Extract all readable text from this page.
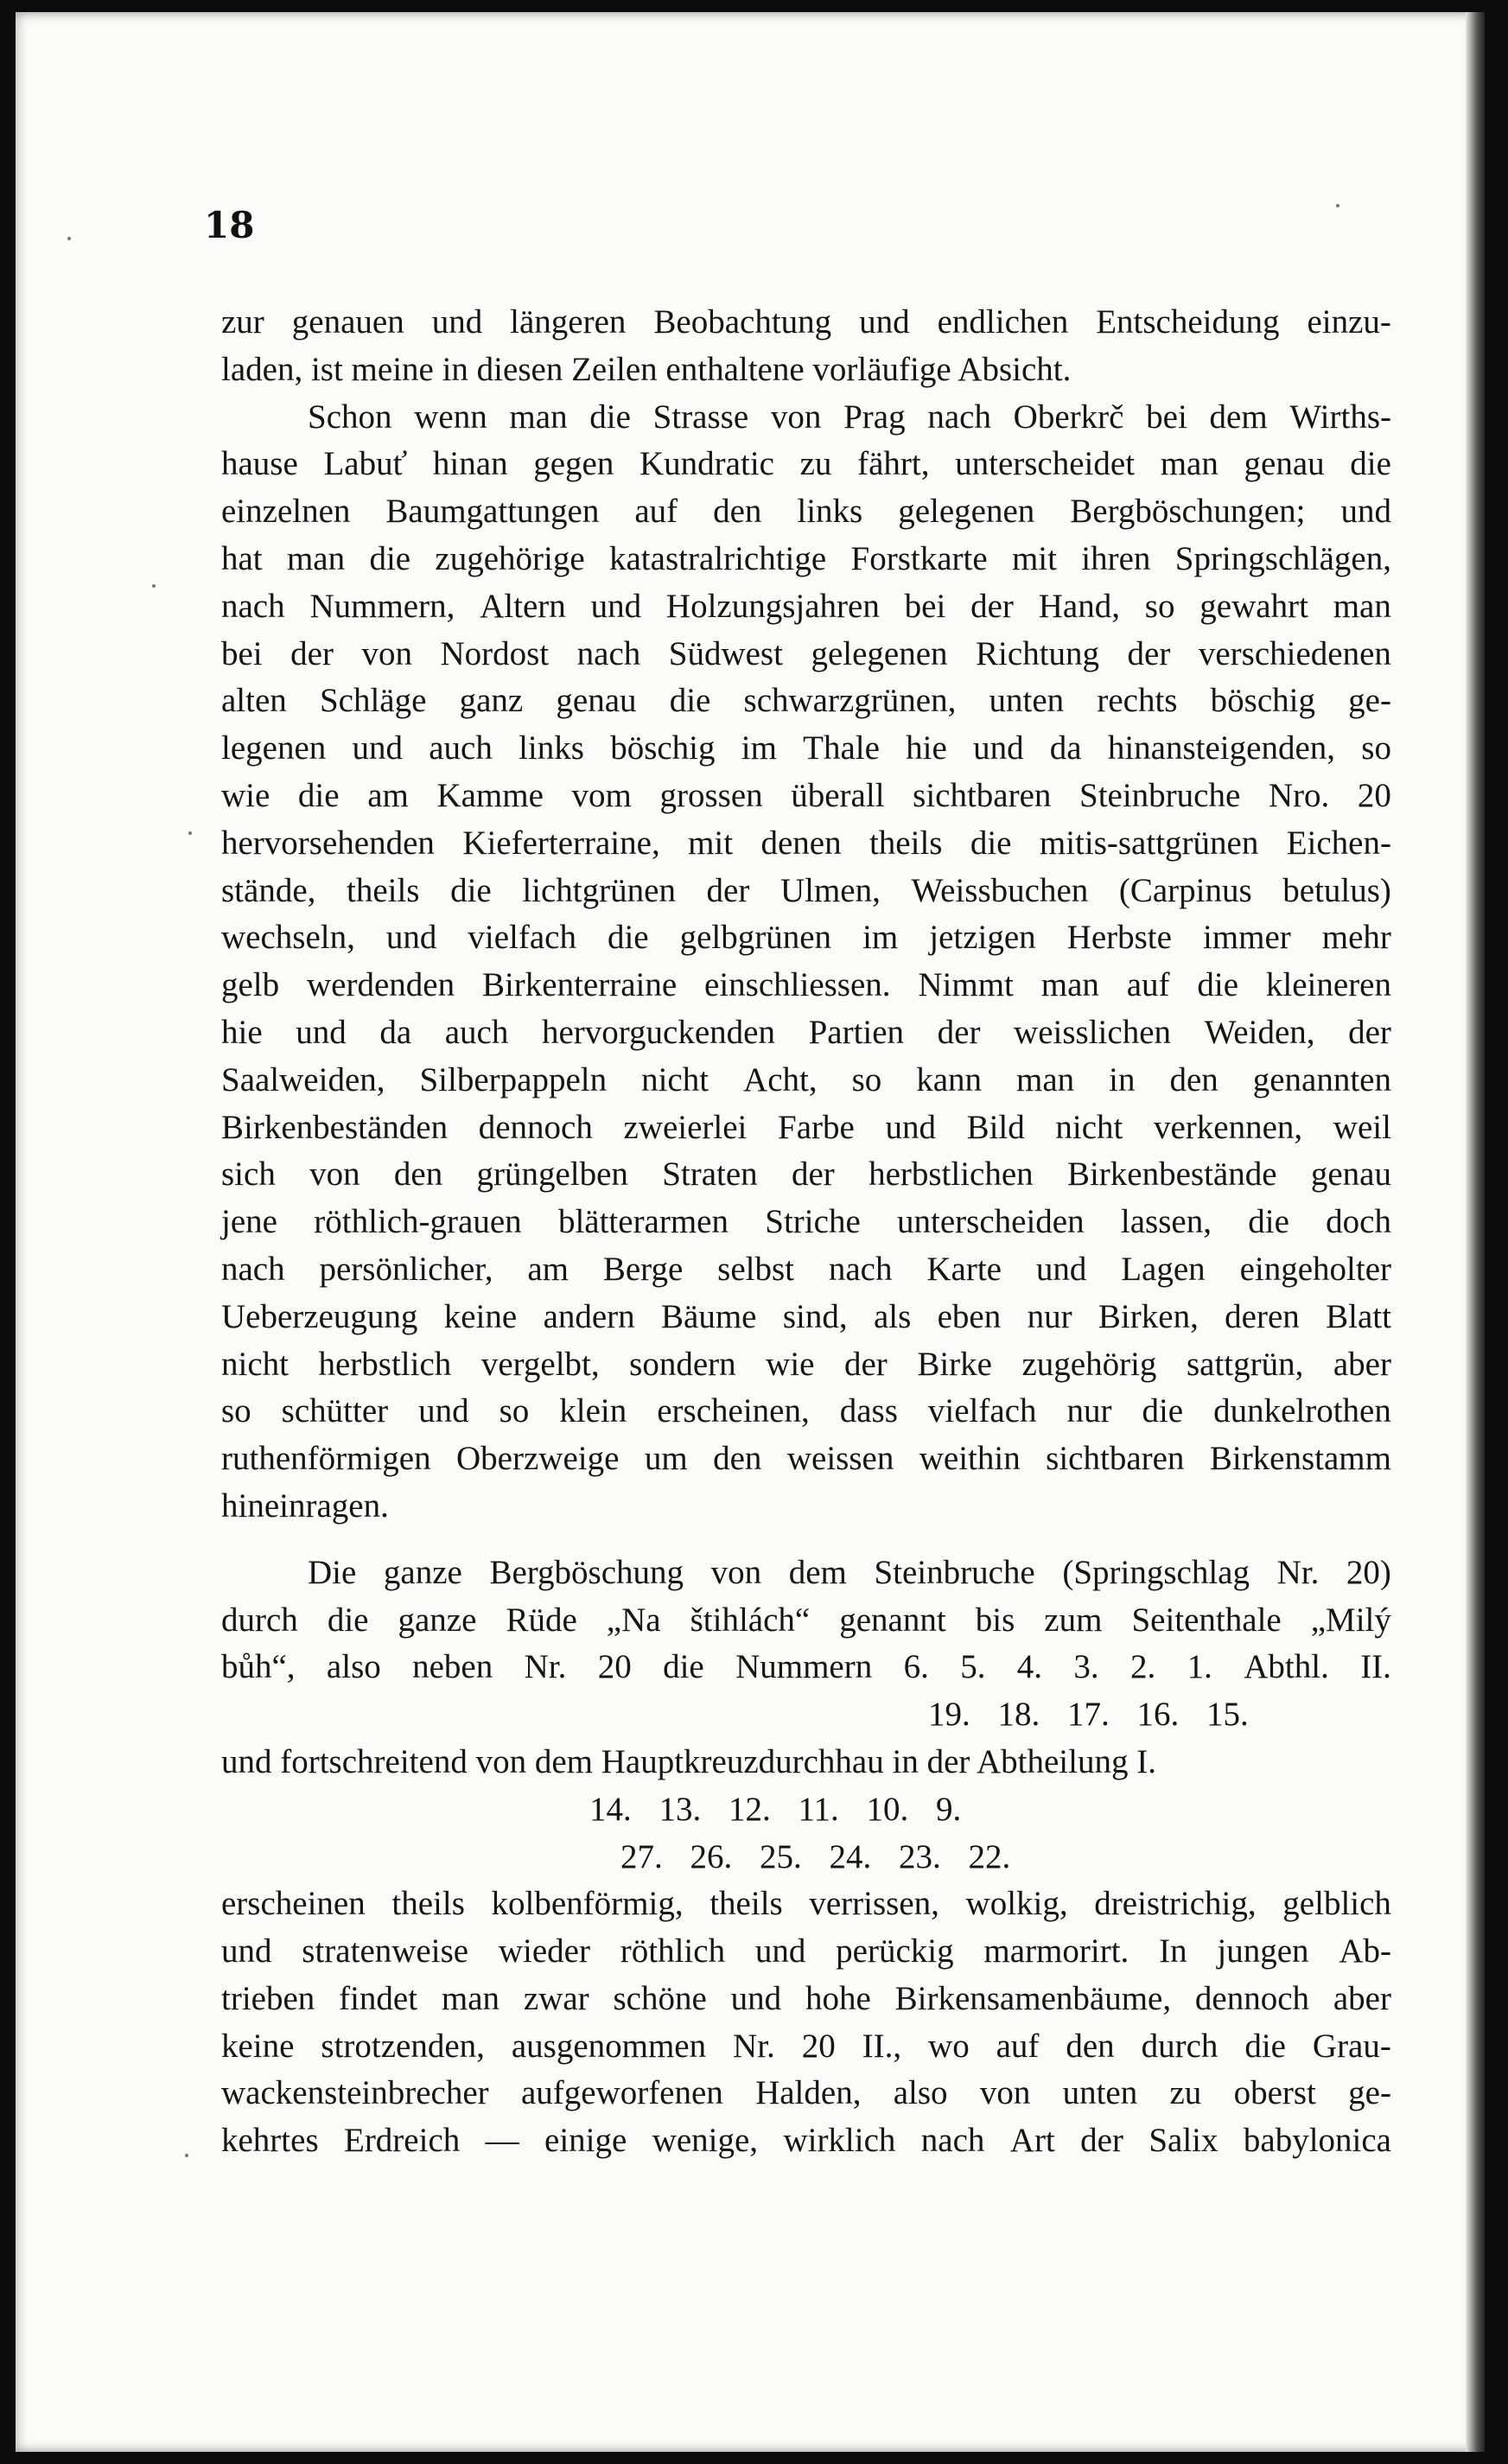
18
zur genauen und längeren Beobachtung und endlichen Entscheidung einzu-
laden, ist meine in diesen Zeilen enthaltene vorläufige Absicht.
Schon wenn man die Strasse von Prag nach Oberkrč bei dem Wirths-
hause Labuť hinan gegen Kundratic zu fährt, unterscheidet man genau die
einzelnen Baumgattungen auf den links gelegenen Bergböschungen; und
hat man die zugehörige katastralrichtige Forstkarte mit ihren Springschlägen,
nach Nummern, Altern und Holzungsjahren bei der Hand, so gewahrt man
bei der von Nordost nach Südwest gelegenen Richtung der verschiedenen
alten Schläge ganz genau die schwarzgrünen, unten rechts böschig ge-
legenen und auch links böschig im Thale hie und da hinansteigenden, so
wie die am Kamme vom grossen überall sichtbaren Steinbruche Nro. 20
hervorsehenden Kieferterraine, mit denen theils die mitis-sattgrünen Eichen-
stände, theils die lichtgrünen der Ulmen, Weissbuchen (Carpinus betulus)
wechseln, und vielfach die gelbgrünen im jetzigen Herbste immer mehr
gelb werdenden Birkenterraine einschliessen. Nimmt man auf die kleineren
hie und da auch hervorguckenden Partien der weisslichen Weiden, der
Saalweiden, Silberpappeln nicht Acht, so kann man in den genannten
Birkenbeständen dennoch zweierlei Farbe und Bild nicht verkennen, weil
sich von den grüngelben Straten der herbstlichen Birkenbestände genau
jene röthlich-grauen blätterarmen Striche unterscheiden lassen, die doch
nach persönlicher, am Berge selbst nach Karte und Lagen eingeholter
Ueberzeugung keine andern Bäume sind, als eben nur Birken, deren Blatt
nicht herbstlich vergelbt, sondern wie der Birke zugehörig sattgrün, aber
so schütter und so klein erscheinen, dass vielfach nur die dunkelrothen
ruthenförmigen Oberzweige um den weissen weithin sichtbaren Birkenstamm
hineinragen.
Die ganze Bergböschung von dem Steinbruche (Springschlag Nr. 20)
durch die ganze Rüde „Na štihlách“ genannt bis zum Seitenthale „Milý
bůh“, also neben Nr. 20 die Nummern 6. 5. 4. 3. 2. 1. Abthl. II.
19. 18. 17. 16. 15.
und fortschreitend von dem Hauptkreuzdurchhau in der Abtheilung I.
14. 13. 12. 11. 10. 9.
27. 26. 25. 24. 23. 22.
erscheinen theils kolbenförmig, theils verrissen, wolkig, dreistrichig, gelblich
und stratenweise wieder röthlich und perückig marmorirt. In jungen Ab-
trieben findet man zwar schöne und hohe Birkensamenbäume, dennoch aber
keine strotzenden, ausgenommen Nr. 20 II., wo auf den durch die Grau-
wackensteinbrecher aufgeworfenen Halden, also von unten zu oberst ge-
kehrtes Erdreich — einige wenige, wirklich nach Art der Salix babylonica
